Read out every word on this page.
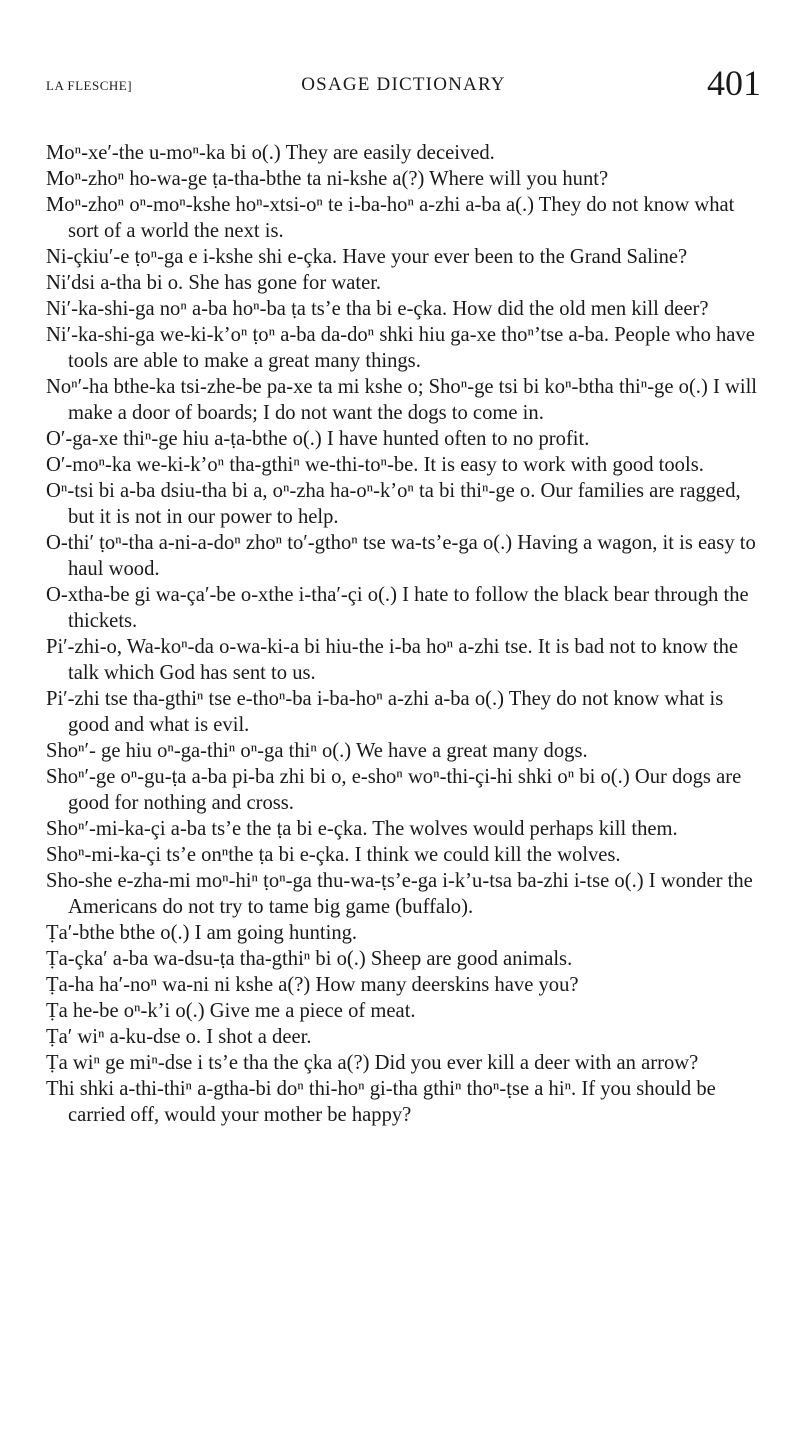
LA FLESCHE]	OSAGE DICTIONARY	401

Moⁿ-xe′-the u-moⁿ-ka bi o(.) They are easily deceived.

Moⁿ-zhoⁿ ho-wa-ge ṭa-tha-bthe ta ni-kshe a(?) Where will you hunt?

Moⁿ-zhoⁿ oⁿ-moⁿ-kshe hoⁿ-xtsi-oⁿ te i-ba-hoⁿ a-zhi a-ba a(.) They do not know what sort of a world the next is.

Ni-çkiu′-e ṭoⁿ-ga e i-kshe shi e-çka. Have your ever been to the Grand Saline?

Ni′dsi a-tha bi o. She has gone for water.

Ni′-ka-shi-ga noⁿ a-ba hoⁿ-ba ṭa ts’e tha bi e-çka. How did the old men kill deer?

Ni′-ka-shi-ga we-ki-k’oⁿ ṭoⁿ a-ba da-doⁿ shki hiu ga-xe thoⁿ’tse a-ba. People who have tools are able to make a great many things.

Noⁿ′-ha bthe-ka tsi-zhe-be pa-xe ta mi kshe o; Shoⁿ-ge tsi bi koⁿ-btha thiⁿ-ge o(.) I will make a door of boards; I do not want the dogs to come in.

O′-ga-xe thiⁿ-ge hiu a-ṭa-bthe o(.) I have hunted often to no profit.

O′-moⁿ-ka we-ki-k’oⁿ tha-gthiⁿ we-thi-toⁿ-be. It is easy to work with good tools.

Oⁿ-tsi bi a-ba dsiu-tha bi a, oⁿ-zha ha-oⁿ-k’oⁿ ta bi thiⁿ-ge o. Our families are ragged, but it is not in our power to help.

O-thi′ ṭoⁿ-tha a-ni-a-doⁿ zhoⁿ to′-gthoⁿ tse wa-ts’e-ga o(.) Having a wagon, it is easy to haul wood.

O-xtha-be gi wa-ça′-be o-xthe i-tha′-çi o(.) I hate to follow the black bear through the thickets.

Pi′-zhi-o, Wa-koⁿ-da o-wa-ki-a bi hiu-the i-ba hoⁿ a-zhi tse. It is bad not to know the talk which God has sent to us.

Pi′-zhi tse tha-gthiⁿ tse e-thoⁿ-ba i-ba-hoⁿ a-zhi a-ba o(.) They do not know what is good and what is evil.

Shoⁿ′- ge hiu oⁿ-ga-thiⁿ oⁿ-ga thiⁿ o(.) We have a great many dogs.

Shoⁿ′-ge oⁿ-gu-ṭa a-ba pi-ba zhi bi o, e-shoⁿ woⁿ-thi-çi-hi shki oⁿ bi o(.) Our dogs are good for nothing and cross.

Shoⁿ′-mi-ka-çi a-ba ts’e the ṭa bi e-çka. The wolves would perhaps kill them.

Shoⁿ-mi-ka-çi ts’e onⁿthe ṭa bi e-çka. I think we could kill the wolves.

Sho-she e-zha-mi moⁿ-hiⁿ ṭoⁿ-ga thu-wa-ṭs’e-ga i-k’u-tsa ba-zhi i-tse o(.) I wonder the Americans do not try to tame big game (buffalo).

Ṭa′-bthe bthe o(.) I am going hunting.

Ṭa-çka′ a-ba wa-dsu-ṭa tha-gthiⁿ bi o(.) Sheep are good animals.

Ṭa-ha ha′-noⁿ wa-ni ni kshe a(?) How many deerskins have you?

Ṭa he-be oⁿ-k’i o(.) Give me a piece of meat.

Ṭa′ wiⁿ a-ku-dse o. I shot a deer.

Ṭa wiⁿ ge miⁿ-dse i ts’e tha the çka a(?) Did you ever kill a deer with an arrow?

Thi shki a-thi-thiⁿ a-gtha-bi doⁿ thi-hoⁿ gi-tha gthiⁿ thoⁿ-ṭse a hiⁿ. If you should be carried off, would your mother be happy?
